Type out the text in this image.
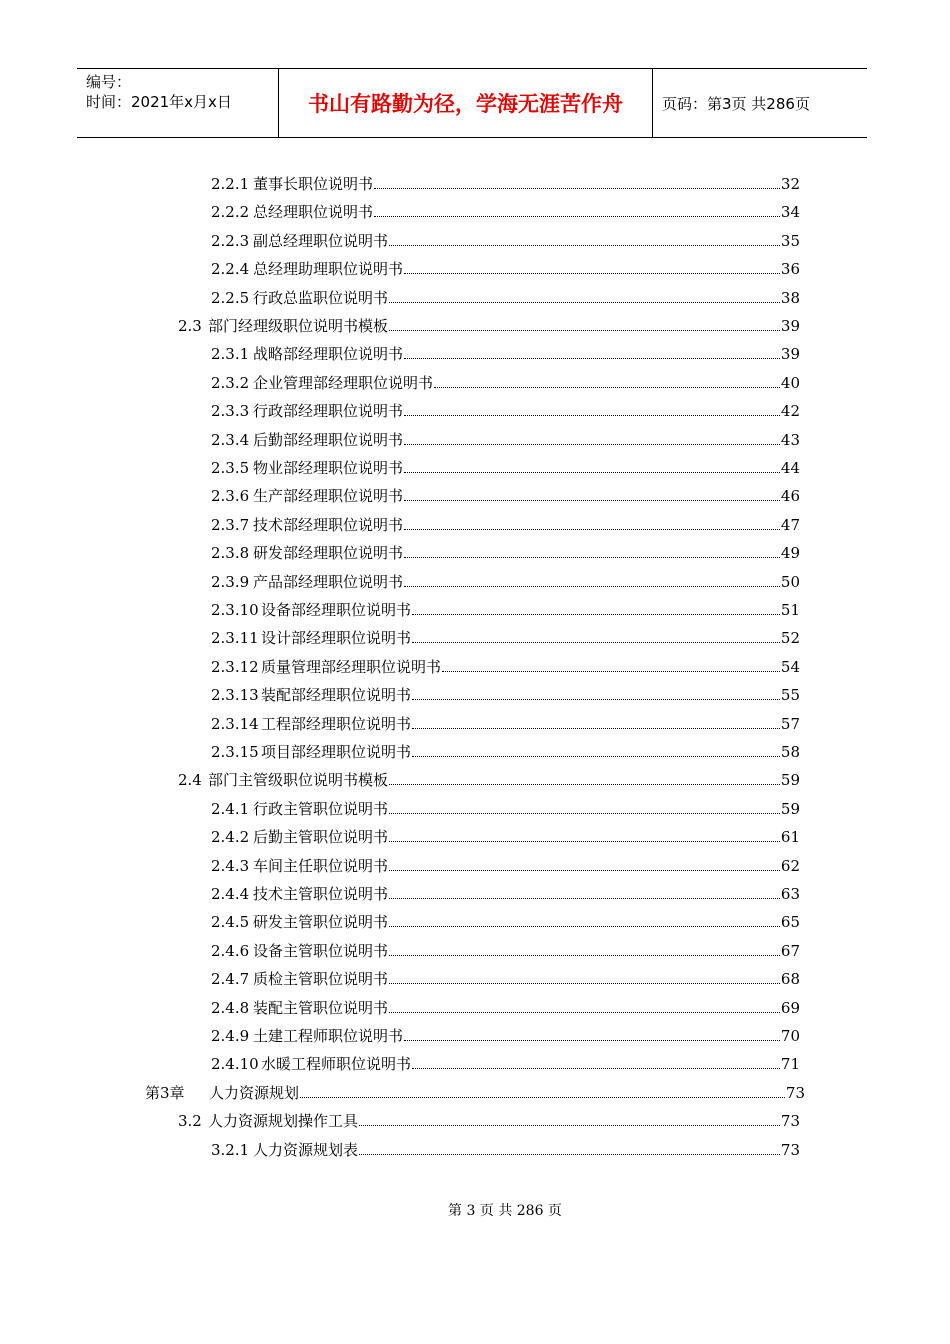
编号：
时间：2021年x月x日	书山有路勤为径，学海无涯苦作舟	页码：第3页 共286页
2.2.1 董事长职位说明书	32
2.2.2 总经理职位说明书	34
2.2.3 副总经理职位说明书	35
2.2.4 总经理助理职位说明书	36
2.2.5 行政总监职位说明书	38
2.3 部门经理级职位说明书模板	39
2.3.1 战略部经理职位说明书	39
2.3.2 企业管理部经理职位说明书	40
2.3.3 行政部经理职位说明书	42
2.3.4 后勤部经理职位说明书	43
2.3.5 物业部经理职位说明书	44
2.3.6 生产部经理职位说明书	46
2.3.7 技术部经理职位说明书	47
2.3.8 研发部经理职位说明书	49
2.3.9 产品部经理职位说明书	50
2.3.10 设备部经理职位说明书	51
2.3.11 设计部经理职位说明书	52
2.3.12 质量管理部经理职位说明书	54
2.3.13 装配部经理职位说明书	55
2.3.14 工程部经理职位说明书	57
2.3.15 项目部经理职位说明书	58
2.4 部门主管级职位说明书模板	59
2.4.1 行政主管职位说明书	59
2.4.2 后勤主管职位说明书	61
2.4.3 车间主任职位说明书	62
2.4.4 技术主管职位说明书	63
2.4.5 研发主管职位说明书	65
2.4.6 设备主管职位说明书	67
2.4.7 质检主管职位说明书	68
2.4.8 装配主管职位说明书	69
2.4.9 土建工程师职位说明书	70
2.4.10 水暖工程师职位说明书	71
第3章	人力资源规划	73
3.2 人力资源规划操作工具	73
3.2.1 人力资源规划表	73
第 3 页 共 286 页
